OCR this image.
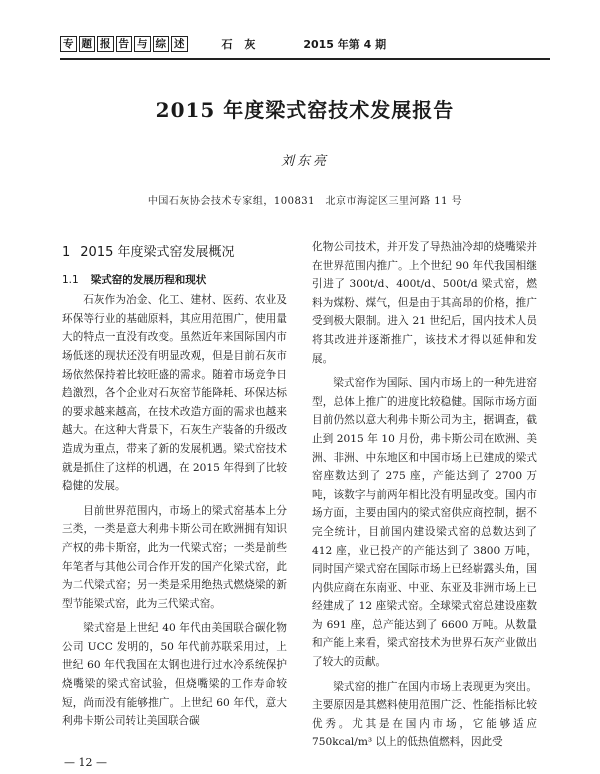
专 题 报 告 与 综 述	石 灰	2015 年第 4 期
2015 年度梁式窑技术发展报告
刘东亮
中国石灰协会技术专家组，100831　北京市海淀区三里河路 11 号
1 2015 年度梁式窑发展概况
1.1 梁式窑的发展历程和现状

石灰作为冶金、化工、建材、医药、农业及环保等行业的基础原料，其应用范围广，使用量大的特点一直没有改变。虽然近年来国际国内市场低迷的现状还没有明显改观，但是目前石灰市场依然保持着比较旺盛的需求。随着市场竞争日趋激烈，各个企业对石灰窑节能降耗、环保达标的要求越来越高，在技术改造方面的需求也越来越大。在这种大背景下，石灰生产装备的升级改造成为重点，带来了新的发展机遇。梁式窑技术就是抓住了这样的机遇，在 2015 年得到了比较稳健的发展。

目前世界范围内，市场上的梁式窑基本上分三类，一类是意大利弗卡斯公司在欧洲拥有知识产权的弗卡斯窑，此为一代梁式窑；一类是前些年笔者与其他公司合作开发的国产化梁式窑，此为二代梁式窑；另一类是采用绝热式燃烧梁的新型节能梁式窑，此为三代梁式窑。

梁式窑是上世纪 40 年代由美国联合碳化物公司 UCC 发明的，50 年代前苏联采用过，上世纪 60 年代我国在太钢也进行过水冷系统保护烧嘴梁的梁式窑试验，但烧嘴梁的工作寿命较短，尚而没有能够推广。上世纪 60 年代，意大利弗卡斯公司转让美国联合碳

化物公司技术，并开发了导热油冷却的烧嘴梁并在世界范围内推广。上个世纪 90 年代我国相继引进了 300t/d、400t/d、500t/d 梁式窑，燃料为煤粉、煤气，但是由于其高昂的价格，推广受到极大限制。进入 21 世纪后，国内技术人员将其改进并逐渐推广，该技术才得以延伸和发展。

梁式窑作为国际、国内市场上的一种先进窑型，总体上推广的进度比较稳健。国际市场方面目前仍然以意大利弗卡斯公司为主，据调查，截止到 2015 年 10 月份，弗卡斯公司在欧洲、美洲、非洲、中东地区和中国市场上已建成的梁式窑座数达到了 275 座，产能达到了 2700 万吨，该数字与前两年相比没有明显改变。国内市场方面，主要由国内的梁式窑供应商控制，据不完全统计，目前国内建设梁式窑的总数达到了 412 座，业已投产的产能达到了 3800 万吨，同时国产梁式窑在国际市场上已经崭露头角，国内供应商在东南亚、中亚、东亚及非洲市场上已经建成了 12 座梁式窑。全球梁式窑总建设座数为 691 座，总产能达到了 6600 万吨。从数量和产能上来看，梁式窑技术为世界石灰产业做出了较大的贡献。

梁式窑的推广在国内市场上表现更为突出。主要原因是其燃料使用范围广泛、性能指标比较优秀。尤其是在国内市场，它能够适应 750kcal/m³ 以上的低热值燃料，因此受

— 12 —
